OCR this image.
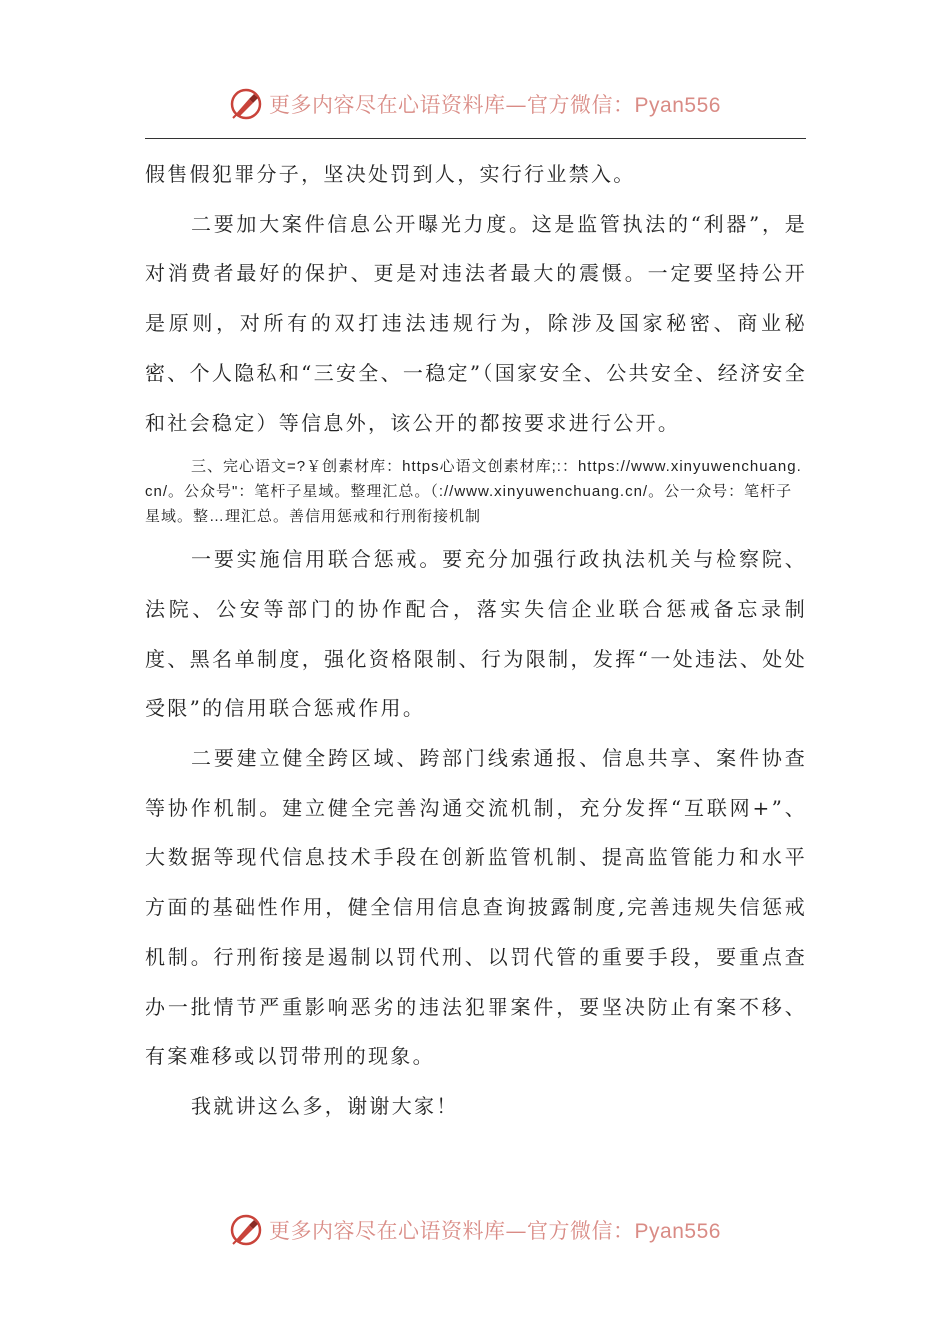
更多内容尽在心语资料库—官方微信：Pyan556

假售假犯罪分子，坚决处罚到人，实行行业禁入。

二要加大案件信息公开曝光力度。这是监管执法的“利器”，是对消费者最好的保护、更是对违法者最大的震慑。一定要坚持公开是原则，对所有的双打违法违规行为，除涉及国家秘密、商业秘密、个人隐私和“三安全、一稳定”（国家安全、公共安全、经济安全和社会稳定）等信息外，该公开的都按要求进行公开。

三、完心语文=?￥创素材库：https心语文创素材库;:：https://www.xinyuwenchuang.cn/。公众号"：笔杆子星域。整理汇总。（://www.xinyuwenchuang.cn/。公一众号：笔杆子星域。整…理汇总。善信用惩戒和行刑衔接机制

一要实施信用联合惩戒。要充分加强行政执法机关与检察院、法院、公安等部门的协作配合，落实失信企业联合惩戒备忘录制度、黑名单制度，强化资格限制、行为限制，发挥“一处违法、处处受限”的信用联合惩戒作用。

二要建立健全跨区域、跨部门线索通报、信息共享、案件协查等协作机制。建立健全完善沟通交流机制，充分发挥“互联网+”、大数据等现代信息技术手段在创新监管机制、提高监管能力和水平方面的基础性作用，健全信用信息查询披露制度,完善违规失信惩戒机制。行刑衔接是遏制以罚代刑、以罚代管的重要手段，要重点查办一批情节严重影响恶劣的违法犯罪案件，要坚决防止有案不移、有案难移或以罚带刑的现象。

我就讲这么多，谢谢大家！

更多内容尽在心语资料库—官方微信：Pyan556
